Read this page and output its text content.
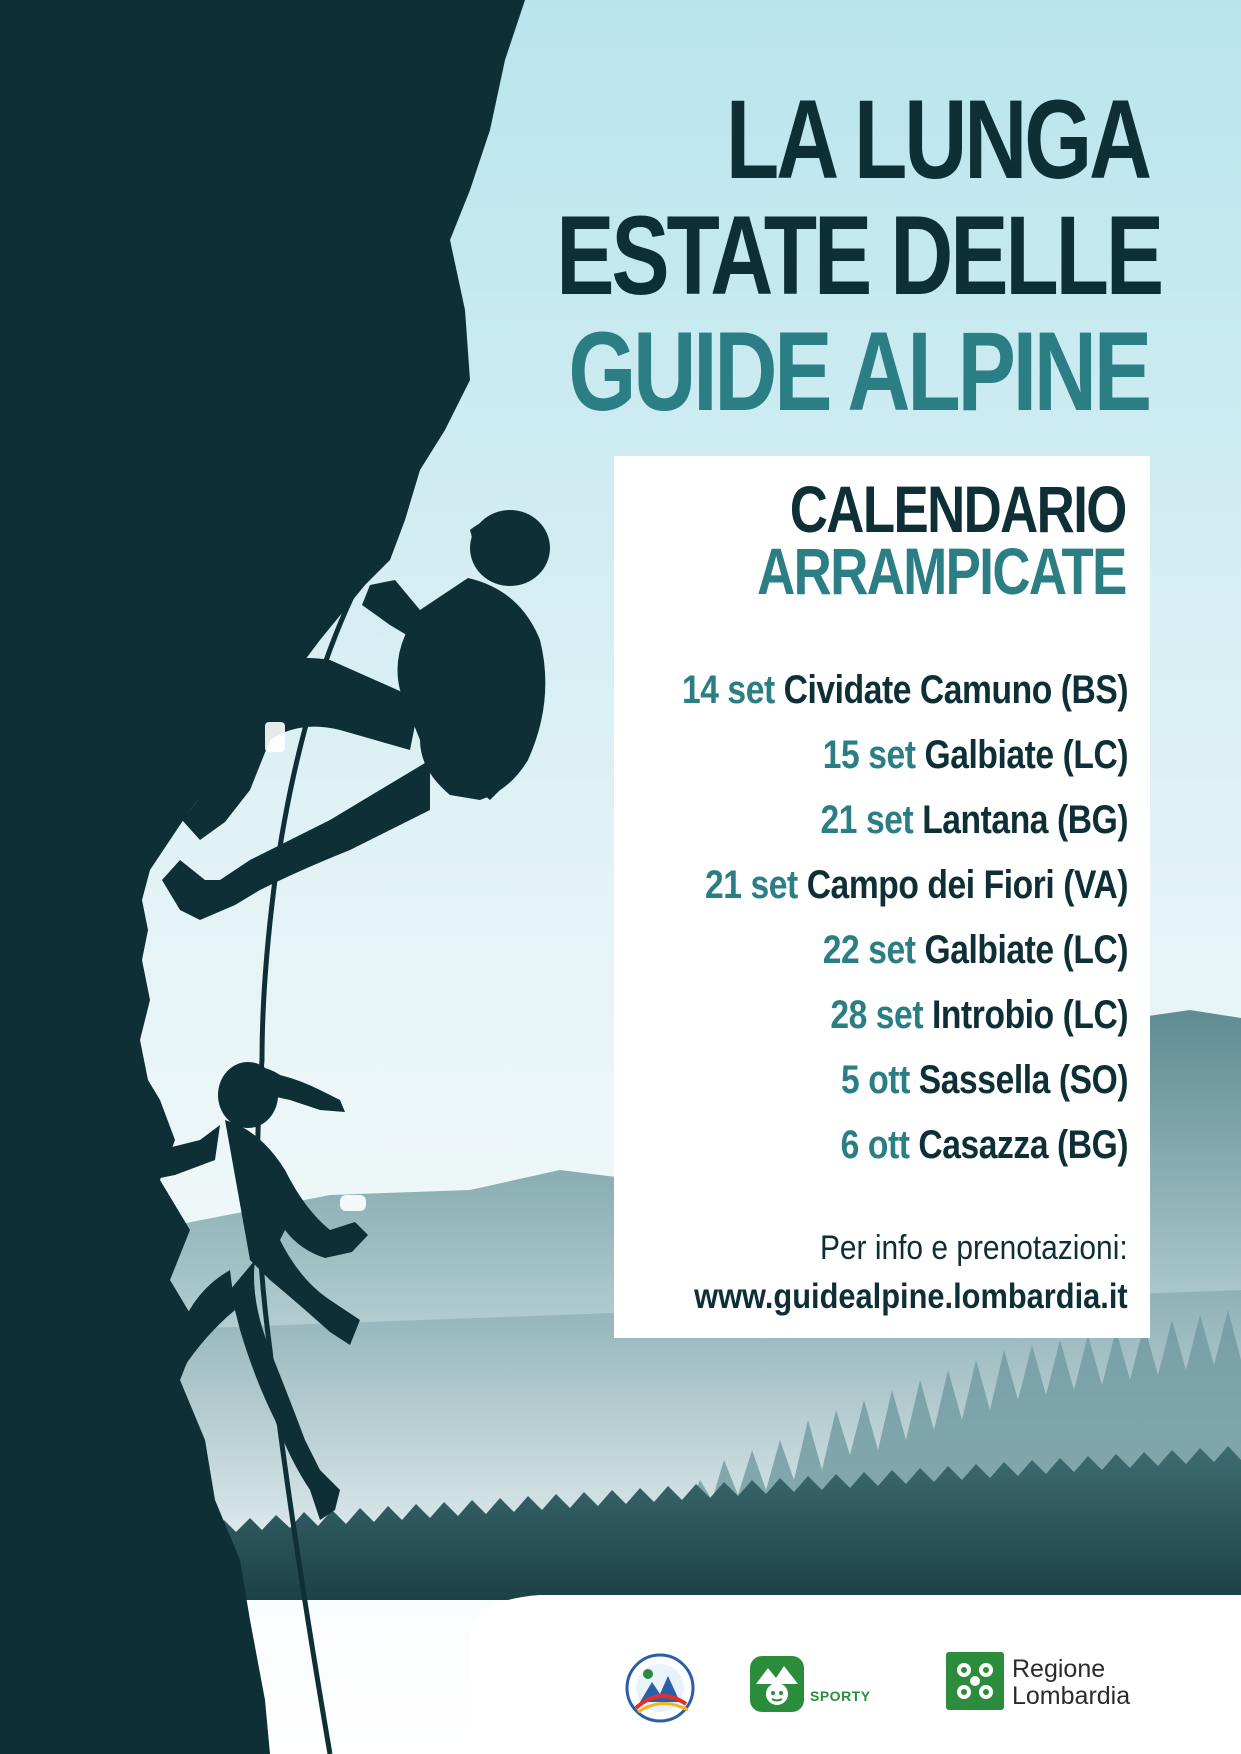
LA LUNGA
ESTATE DELLE
GUIDE ALPINE
CALENDARIO
ARRAMPICATE
14 set Cividate Camuno (BS)
15 set Galbiate (LC)
21 set Lantana (BG)
21 set Campo dei Fiori (VA)
22 set Galbiate (LC)
28 set Introbio (LC)
5 ott Sassella (SO)
6 ott Casazza (BG)
Per info e prenotazioni:
www.guidealpine.lombardia.it
SPORTY
Regione
Lombardia
